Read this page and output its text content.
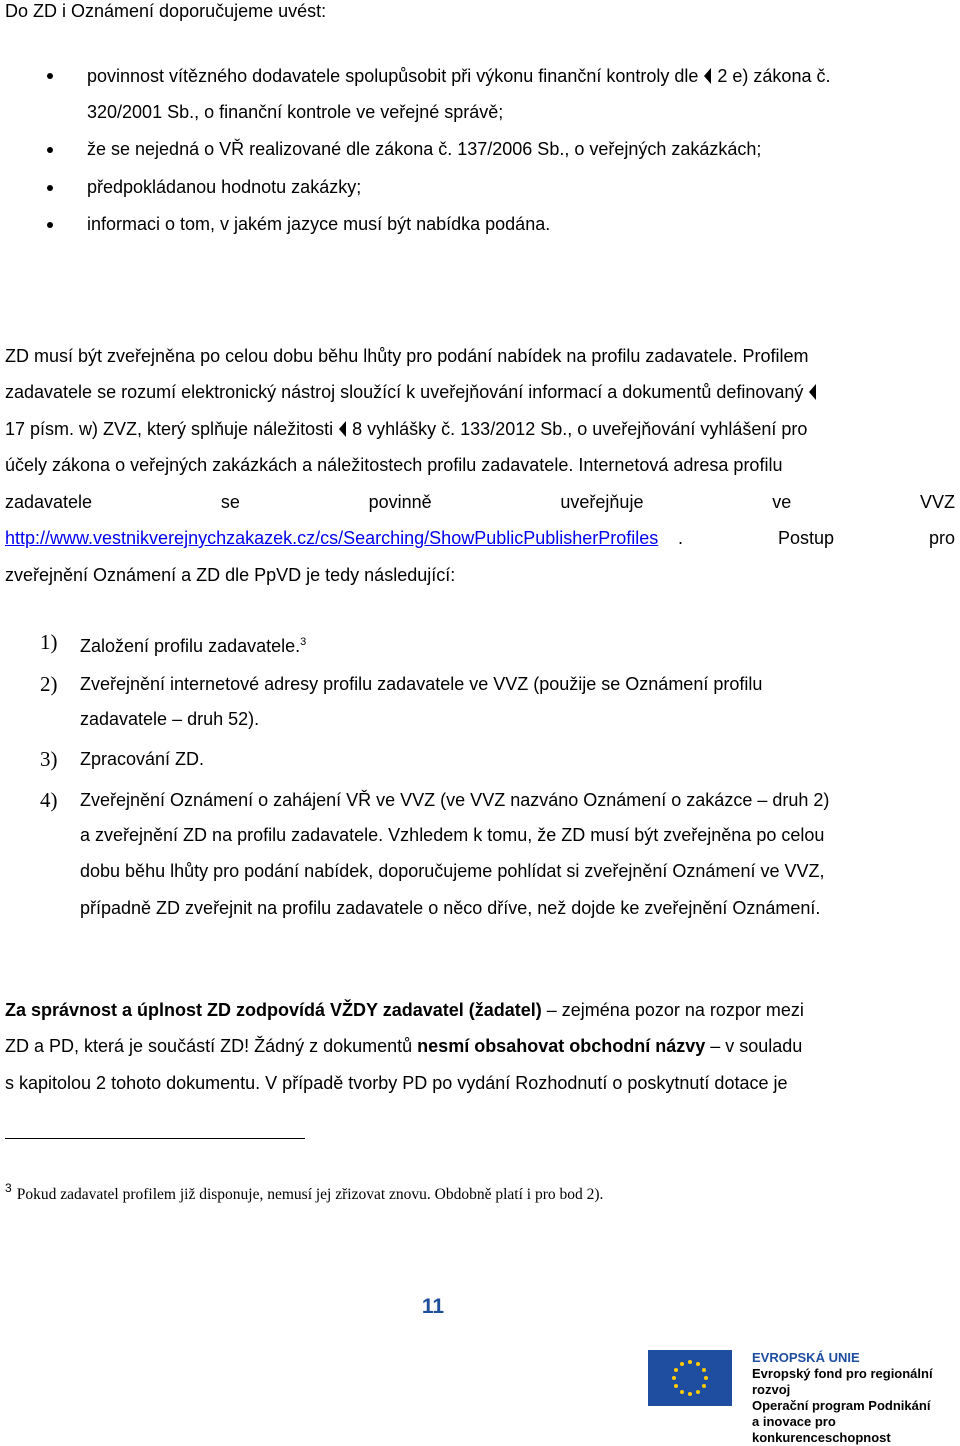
Do ZD i Oznámení doporučujeme uvést:
povinnost vítězného dodavatele spolupůsobit při výkonu finanční kontroly dle 2 e) zákona č.
320/2001 Sb., o finanční kontrole ve veřejné správě;
že se nejedná o VŘ realizované dle zákona č. 137/2006 Sb., o veřejných zakázkách;
předpokládanou hodnotu zakázky;
informaci o tom, v jakém jazyce musí být nabídka podána.
ZD musí být zveřejněna po celou dobu běhu lhůty pro podání nabídek na profilu zadavatele. Profilem
zadavatele se rozumí elektronický nástroj sloužící k uveřejňování informací a dokumentů definovaný
17 písm. w) ZVZ, který splňuje náležitosti 8 vyhlášky č. 133/2012 Sb., o uveřejňování vyhlášení pro
účely zákona o veřejných zakázkách a náležitostech profilu zadavatele. Internetová adresa profilu
zadavatele se povinně uveřejňuje ve VVZ
http://www.vestnikverejnychzakazek.cz/cs/Searching/ShowPublicPublisherProfiles . Postup pro
zveřejnění Oznámení a ZD dle PpVD je tedy následující:
1) Založení profilu zadavatele.$^3$
2) Zveřejnění internetové adresy profilu zadavatele ve VVZ (použije se Oznámení profilu
zadavatele – druh 52).
3) Zpracování ZD.
4) Zveřejnění Oznámení o zahájení VŘ ve VVZ (ve VVZ nazváno Oznámení o zakázce – druh 2)
a zveřejnění ZD na profilu zadavatele. Vzhledem k tomu, že ZD musí být zveřejněna po celou
dobu běhu lhůty pro podání nabídek, doporučujeme pohlídat si zveřejnění Oznámení ve VVZ,
případně ZD zveřejnit na profilu zadavatele o něco dříve, než dojde ke zveřejnění Oznámení.
Za správnost a úplnost ZD zodpovídá VŽDY zadavatel (žadatel) – zejména pozor na rozpor mezi
ZD a PD, která je součástí ZD! Žádný z dokumentů nesmí obsahovat obchodní názvy – v souladu
s kapitolou 2 tohoto dokumentu. V případě tvorby PD po vydání Rozhodnutí o poskytnutí dotace je
$^3$ Pokud zadavatel profilem již disponuje, nemusí jej zřizovat znovu. Obdobně platí i pro bod 2).
11
EVROPSKÁ UNIE
Evropský fond pro regionální rozvoj
Operační program Podnikání
a inovace pro konkurenceschopnost
